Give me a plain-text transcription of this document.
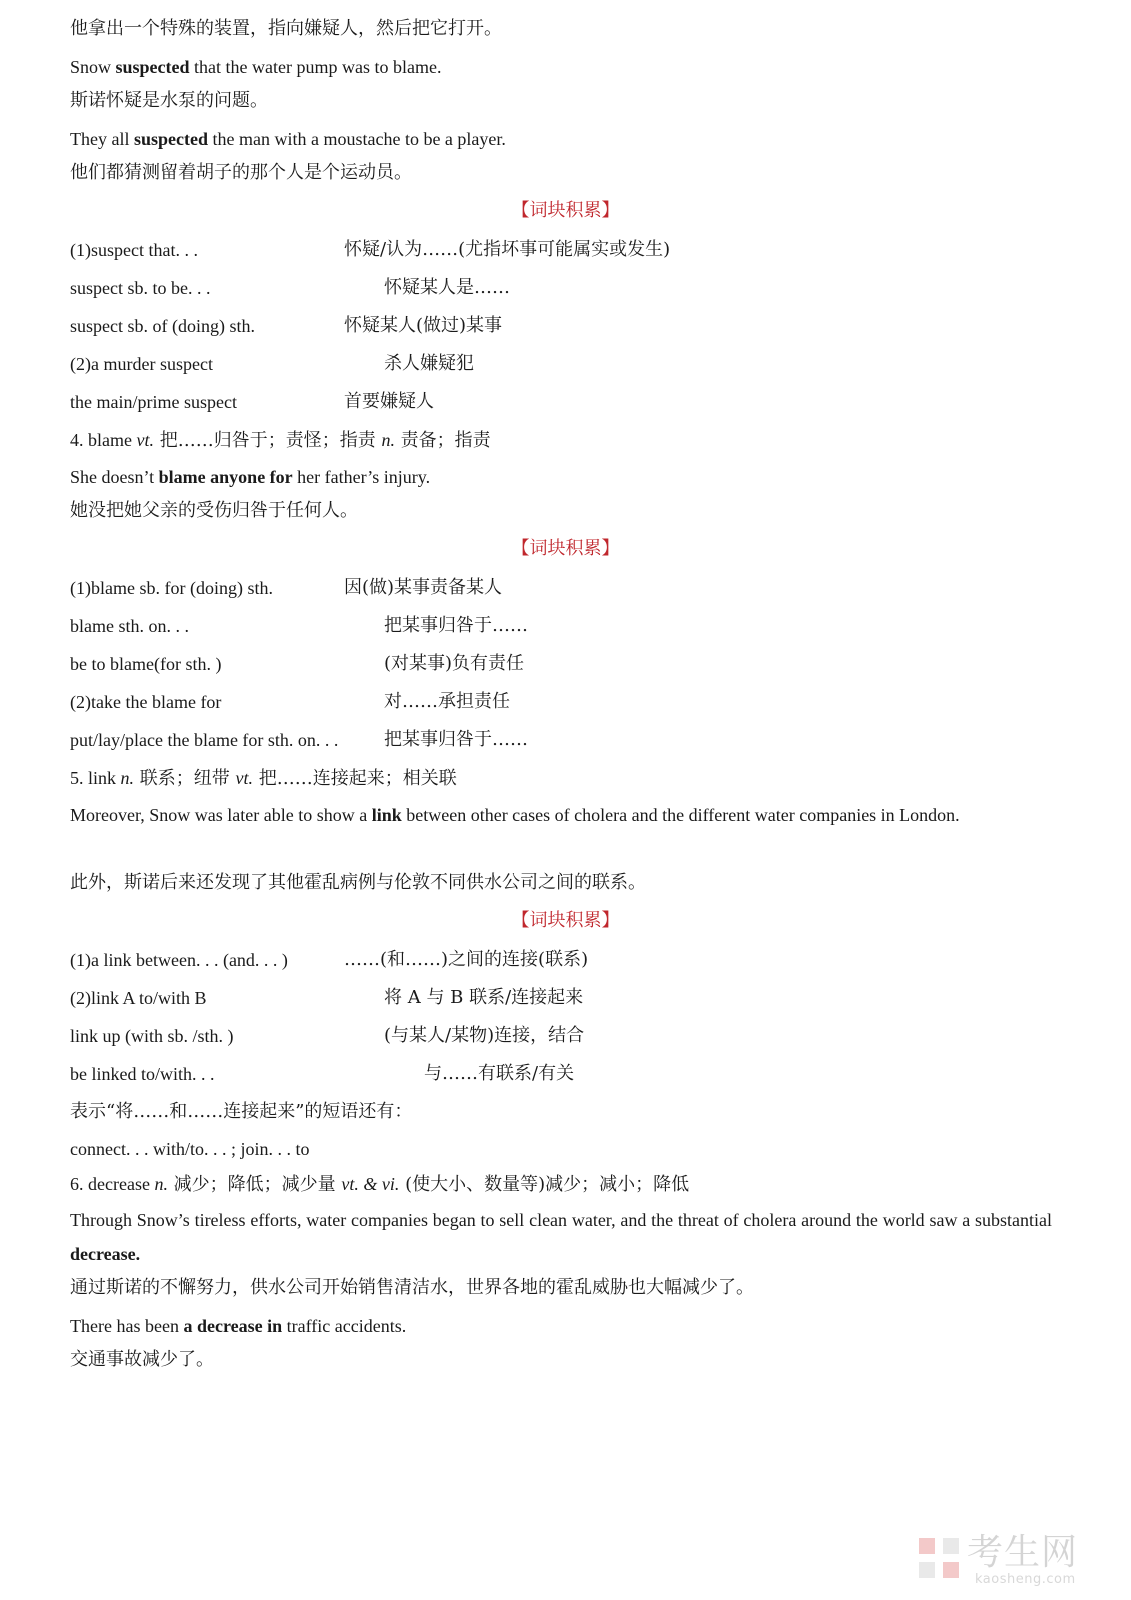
他拿出一个特殊的装置，指向嫌疑人，然后把它打开。
Snow suspected that the water pump was to blame.
斯诺怀疑是水泵的问题。
They all suspected the man with a moustache to be a player.
他们都猜测留着胡子的那个人是个运动员。
【词块积累】
(1)suspect that. . .	怀疑/认为……(尤指坏事可能属实或发生)
suspect sb. to be. . .	怀疑某人是……
suspect sb. of (doing) sth.	怀疑某人(做过)某事
(2)a murder suspect	杀人嫌疑犯
the main/prime suspect	首要嫌疑人
4. blame vt. 把……归咎于；责怪；指责 n. 责备；指责
She doesn’t blame anyone for her father’s injury.
她没把她父亲的受伤归咎于任何人。
【词块积累】
(1)blame sb. for (doing) sth.	因(做)某事责备某人
blame sth. on. . .	把某事归咎于……
be to blame(for sth. )	(对某事)负有责任
(2)take the blame for	对……承担责任
put/lay/place the blame for sth. on. . .	把某事归咎于……
5. link n. 联系；纽带 vt. 把……连接起来；相关联
Moreover, Snow was later able to show a link between other cases of cholera and the different water companies in London.
此外，斯诺后来还发现了其他霍乱病例与伦敦不同供水公司之间的联系。
【词块积累】
(1)a link between. . . (and. . . )	……(和……)之间的连接(联系)
(2)link A to/with B	将 A 与 B 联系/连接起来
link up (with sb. /sth. )	(与某人/某物)连接，结合
be linked to/with. . .	与……有联系/有关
表示“将……和……连接起来”的短语还有：
connect. . . with/to. . . ; join. . . to
6. decrease n. 减少；降低；减少量 vt. & vi. (使大小、数量等)减少；减小；降低
Through Snow’s tireless efforts, water companies began to sell clean water, and the threat of cholera around the world saw a substantial decrease.
通过斯诺的不懈努力，供水公司开始销售清洁水，世界各地的霍乱威胁也大幅减少了。
There has been a decrease in traffic accidents.
交通事故减少了。
考生网
kaosheng.com
